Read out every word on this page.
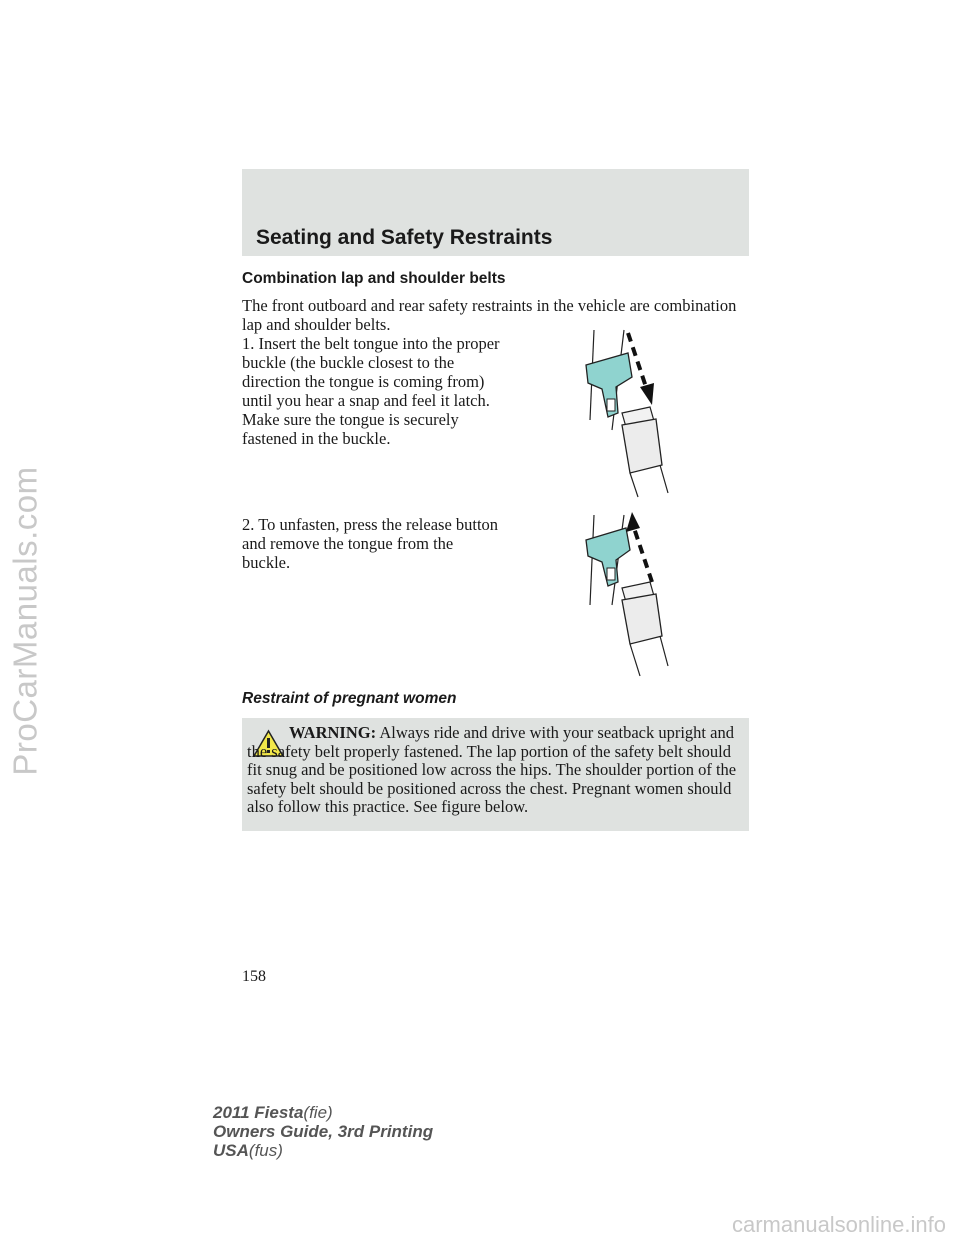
ProCarManuals.com
carmanualsonline.info
Seating and Safety Restraints
Combination lap and shoulder belts

The front outboard and rear safety restraints in the vehicle are combination lap and shoulder belts.

1. Insert the belt tongue into the proper buckle (the buckle closest to the direction the tongue is coming from) until you hear a snap and feel it latch. Make sure the tongue is securely fastened in the buckle.

2. To unfasten, press the release button and remove the tongue from the buckle.

Restraint of pregnant women
WARNING: Always ride and drive with your seatback upright and the safety belt properly fastened. The lap portion of the safety belt should fit snug and be positioned low across the hips. The shoulder portion of the safety belt should be positioned across the chest. Pregnant women should also follow this practice. See figure below.
158
2011 Fiesta(fie)
Owners Guide, 3rd Printing
USA(fus)
